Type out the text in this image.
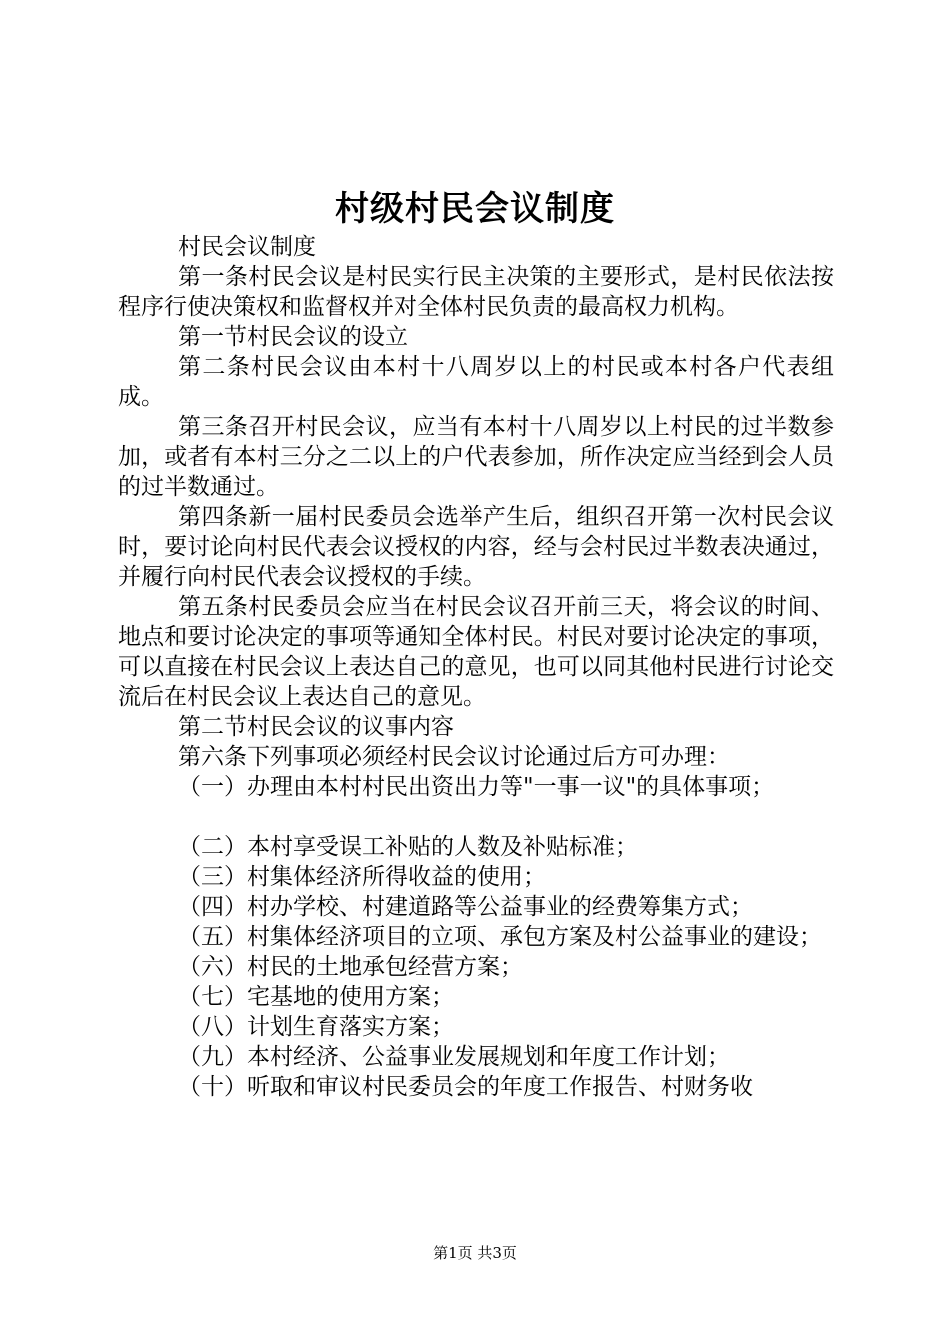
村级村民会议制度

村民会议制度

第一条村民会议是村民实行民主决策的主要形式，是村民依法按程序行使决策权和监督权并对全体村民负责的最高权力机构。

第一节村民会议的设立

第二条村民会议由本村十八周岁以上的村民或本村各户代表组成。

第三条召开村民会议，应当有本村十八周岁以上村民的过半数参加，或者有本村三分之二以上的户代表参加，所作决定应当经到会人员的过半数通过。

第四条新一届村民委员会选举产生后，组织召开第一次村民会议时，要讨论向村民代表会议授权的内容，经与会村民过半数表决通过，并履行向村民代表会议授权的手续。

第五条村民委员会应当在村民会议召开前三天，将会议的时间、地点和要讨论决定的事项等通知全体村民。村民对要讨论决定的事项，可以直接在村民会议上表达自己的意见，也可以同其他村民进行讨论交流后在村民会议上表达自己的意见。

第二节村民会议的议事内容

第六条下列事项必须经村民会议讨论通过后方可办理：

（一）办理由本村村民出资出力等"一事一议"的具体事项；

（二）本村享受误工补贴的人数及补贴标准；

（三）村集体经济所得收益的使用；

（四）村办学校、村建道路等公益事业的经费筹集方式；

（五）村集体经济项目的立项、承包方案及村公益事业的建设；

（六）村民的土地承包经营方案；

（七）宅基地的使用方案；

（八）计划生育落实方案；

（九）本村经济、公益事业发展规划和年度工作计划；

（十）听取和审议村民委员会的年度工作报告、村财务收

第1页 共3页
